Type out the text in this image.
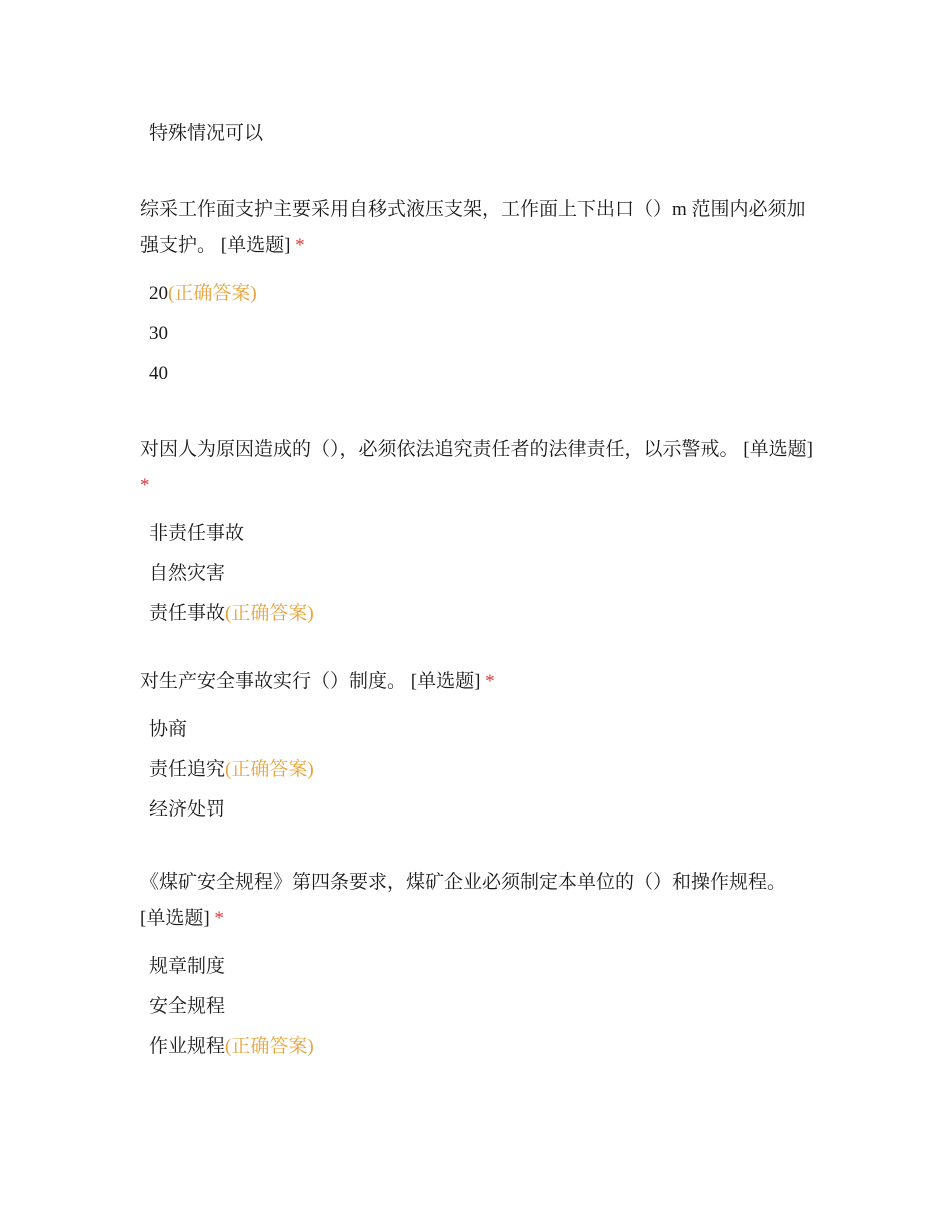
特殊情况可以

综采工作面支护主要采用自移式液压支架，工作面上下出口（）m 范围内必须加强支护。 [单选题] *

20(正确答案)
30
40

对因人为原因造成的（），必须依法追究责任者的法律责任，以示警戒。 [单选题] *

非责任事故
自然灾害
责任事故(正确答案)

对生产安全事故实行（）制度。 [单选题] *

协商
责任追究(正确答案)
经济处罚

《煤矿安全规程》第四条要求，煤矿企业必须制定本单位的（）和操作规程。 [单选题] *

规章制度
安全规程
作业规程(正确答案)
